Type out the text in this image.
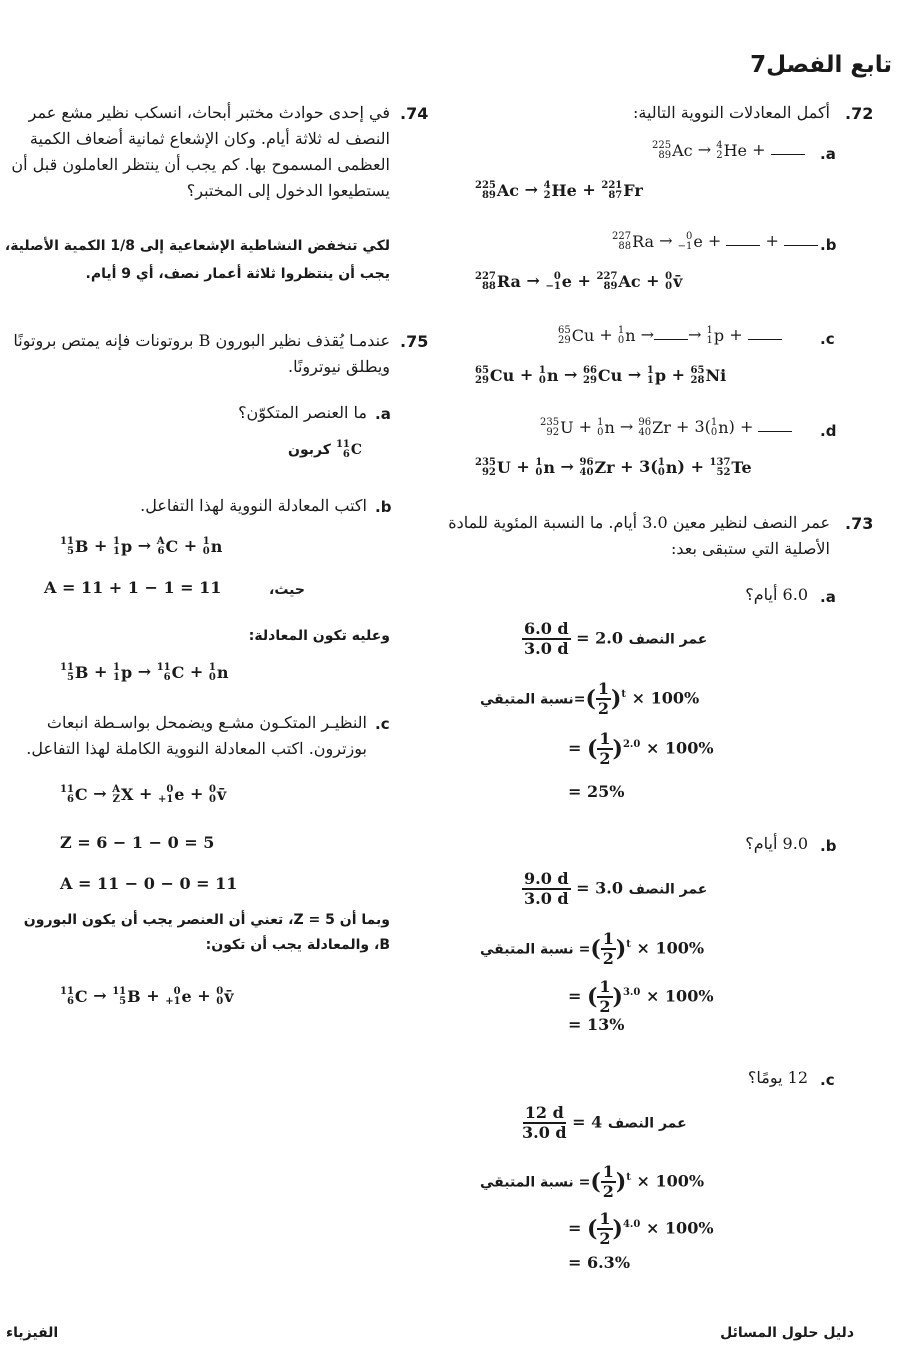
تابع الفصل7
.72
أكمل المعادلات النووية التالية:
.a
225
89 Ac → 4
2 He +
225
89 Ac → 4
2 He + 221
87 Fr
.b
227
88 Ra → 0
−1 e +  +
227
88 Ra → 0
−1 e + 227
89 Ac + 0
0 v̄
.c
65
29 Cu + 1
0 n → → 1
1 p +
65
29 Cu + 1
0 n → 66
29 Cu → 1
1 p + 65
28 Ni
.d
235
92 U + 1
0 n → 96
40 Zr + 3( 1
0 n) +
235
92 U + 1
0 n → 96
40 Zr + 3( 1
0 n) + 137
52 Te
.73
عمر النصف لنظير معين 3.0 أيام. ما النسبة المئوية للمادة الأصلية التي ستبقى بعد:
.a
6.0 أيام؟
$\frac{6.0 d}{3.0 d} = 2.0$ عمر النصف
نسبة المتبقي=( $\frac{1}{2} )^t \times 100\%$
= ( $\frac{1}{2} )^{2.0} \times 100\%$
= 25%
.b
9.0 أيام؟
$\frac{9.0 d}{3.0 d} = 3.0$ عمر النصف
نسبة المتبقي =( $\frac{1}{2} )^t \times 100\%$
= ( $\frac{1}{2} )^{3.0} \times 100\%$
= 13%
.c
12 يومًا؟
$\frac{12 d}{3.0 d} = 4$ عمر النصف
نسبة المتبقي =( $\frac{1}{2} )^t \times 100\%$
= ( $\frac{1}{2} )^{4.0} \times 100\%$
= 6.3%
.74
في إحدى حوادث مختبر أبحاث، انسكب نظير مشع عمر النصف له ثلاثة أيام. وكان الإشعاع ثمانية أضعاف الكمية العظمى المسموح بها. كم يجب أن ينتظر العاملون قبل أن يستطيعوا الدخول إلى المختبر؟
لكي تنخفض النشاطية الإشعاعية إلى 1/8 الكمية الأصلية،
يجب أن ينتظروا ثلاثة أعمار نصف، أي 9 أيام.
.75
عندمـا يُقذف نظير البورون B بروتونات فإنه يمتص بروتونًا ويطلق نيوترونًا.
.a
ما العنصر المتكوّن؟
كربون 11
6 C
.b
اكتب المعادلة النووية لهذا التفاعل.
11
5 B + 1
1 p → A
6 C + 1
0 n
حيث،
A = 11 + 1 − 1 = 11
وعليه تكون المعادلة:
11
5 B + 1
1 p → 11
6 C + 1
0 n
.c
النظيـر المتكـون مشـع ويضمحل بواسـطة انبعاث بوزترون. اكتب المعادلة النووية الكاملة لهذا التفاعل.
11
6 C → A
Z X + 0
+1 e + 0
0 v̄
Z = 6 − 1 − 0 = 5
A = 11 − 0 − 0 = 11
وبما أن 5 = Z، تعني أن العنصر يجب أن يكون البورون
B، والمعادلة يجب أن تكون:
11
6 C → 11
5 B + 0
+1 e + 0
0 v̄
دليل حلول المسائل
الفيزياء
